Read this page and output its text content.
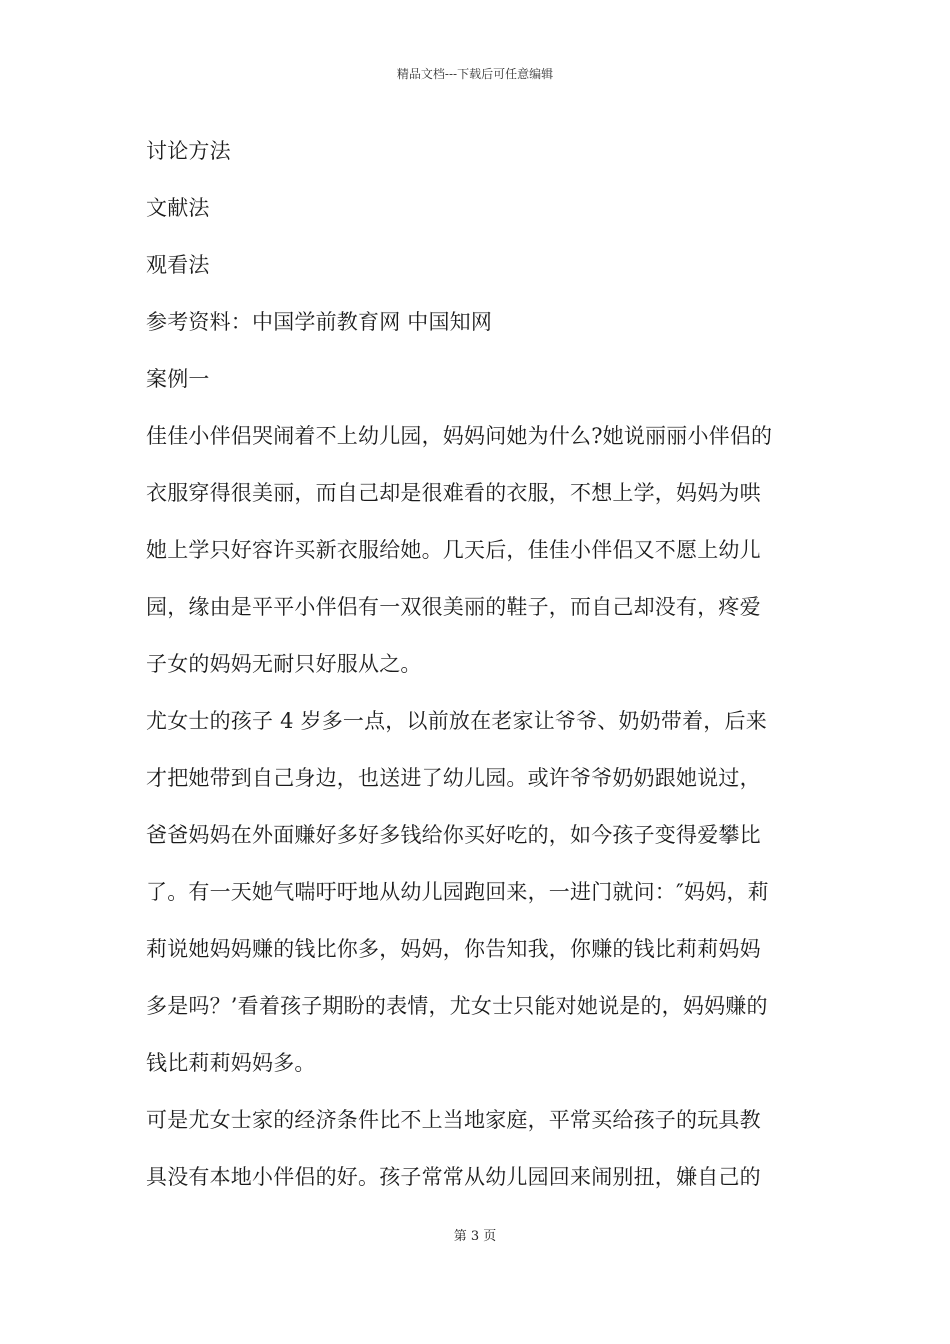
精品文档---下载后可任意编辑
讨论方法
文献法
观看法
参考资料：中国学前教育网 中国知网
案例一
佳佳小伴侣哭闹着不上幼儿园，妈妈问她为什么?她说丽丽小伴侣的
衣服穿得很美丽，而自己却是很难看的衣服，不想上学，妈妈为哄
她上学只好容许买新衣服给她。几天后，佳佳小伴侣又不愿上幼儿
园，缘由是平平小伴侣有一双很美丽的鞋子，而自己却没有，疼爱
子女的妈妈无耐只好服从之。
尤女士的孩子 4 岁多一点，以前放在老家让爷爷、奶奶带着，后来
才把她带到自己身边，也送进了幼儿园。或许爷爷奶奶跟她说过，
爸爸妈妈在外面赚好多好多钱给你买好吃的，如今孩子变得爱攀比
了。有一天她气喘吁吁地从幼儿园跑回来，一进门就问：″妈妈，莉
莉说她妈妈赚的钱比你多，妈妈，你告知我，你赚的钱比莉莉妈妈
多是吗？’看着孩子期盼的表情，尤女士只能对她说是的，妈妈赚的
钱比莉莉妈妈多。
可是尤女士家的经济条件比不上当地家庭，平常买给孩子的玩具教
具没有本地小伴侣的好。孩子常常从幼儿园回来闹别扭，嫌自己的
第 3 页
